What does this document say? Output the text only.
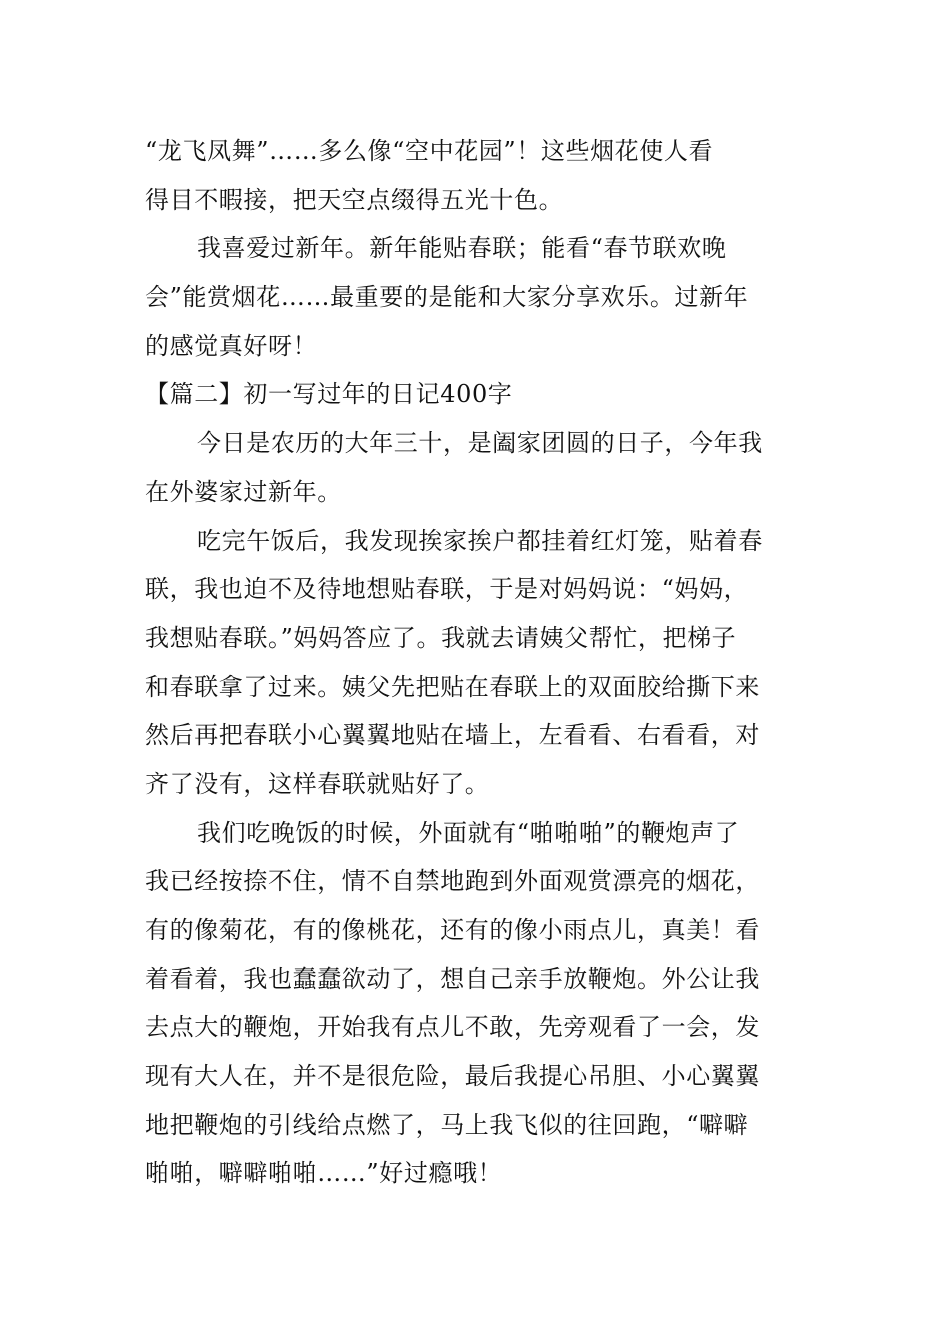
“龙飞凤舞”……多么像“空中花园”！这些烟花使人看
得目不暇接，把天空点缀得五光十色。
我喜爱过新年。新年能贴春联；能看“春节联欢晚
会”能赏烟花……最重要的是能和大家分享欢乐。过新年
的感觉真好呀！
【篇二】初一写过年的日记400字
今日是农历的大年三十，是阖家团圆的日子，今年我
在外婆家过新年。
吃完午饭后，我发现挨家挨户都挂着红灯笼，贴着春
联，我也迫不及待地想贴春联，于是对妈妈说：“妈妈，
我想贴春联。”妈妈答应了。我就去请姨父帮忙，把梯子
和春联拿了过来。姨父先把贴在春联上的双面胶给撕下来
然后再把春联小心翼翼地贴在墙上，左看看、右看看，对
齐了没有，这样春联就贴好了。
我们吃晚饭的时候，外面就有“啪啪啪”的鞭炮声了
我已经按捺不住，情不自禁地跑到外面观赏漂亮的烟花，
有的像菊花，有的像桃花，还有的像小雨点儿，真美！看
着看着，我也蠢蠢欲动了，想自己亲手放鞭炮。外公让我
去点大的鞭炮，开始我有点儿不敢，先旁观看了一会，发
现有大人在，并不是很危险，最后我提心吊胆、小心翼翼
地把鞭炮的引线给点燃了，马上我飞似的往回跑，“噼噼
啪啪，噼噼啪啪……”好过瘾哦！
